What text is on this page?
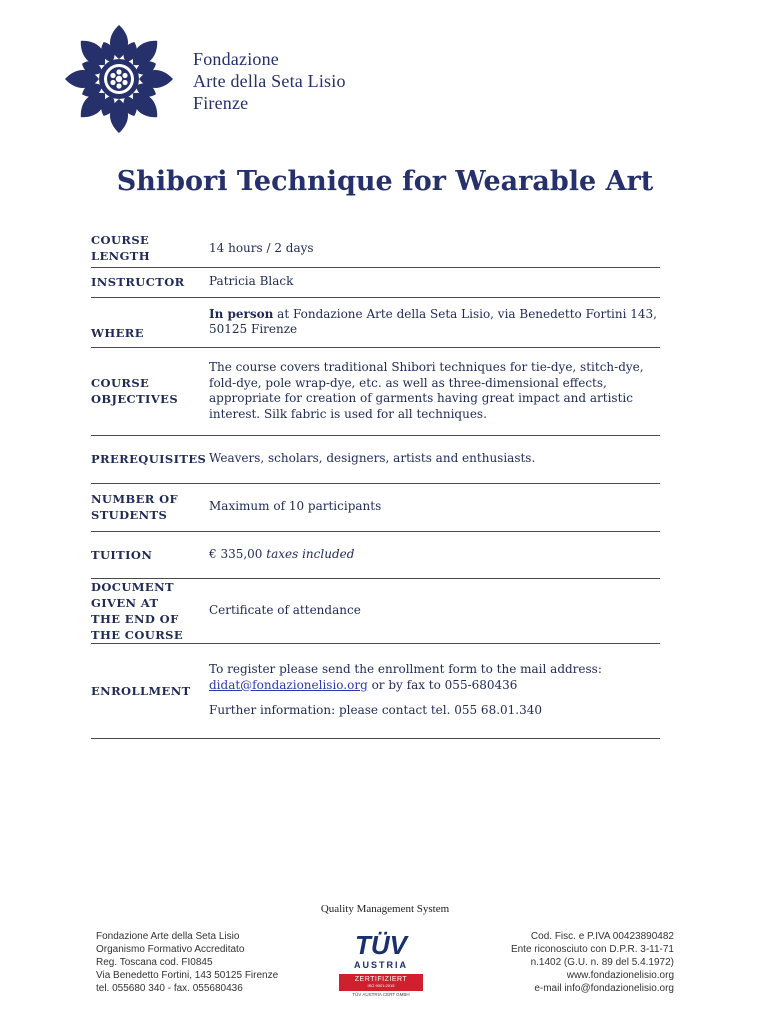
Fondazione
Arte della Seta Lisio
Firenze
Shibori Technique for Wearable Art
COURSE LENGTH	14 hours / 2 days
INSTRUCTOR	Patricia Black
WHERE	In person at Fondazione Arte della Seta Lisio, via Benedetto Fortini 143, 50125 Firenze
COURSE OBJECTIVES	The course covers traditional Shibori techniques for tie-dye, stitch-dye, fold-dye, pole wrap-dye, etc. as well as three-dimensional effects, appropriate for creation of garments having great impact and artistic interest. Silk fabric is used for all techniques.
PREREQUISITES	Weavers, scholars, designers, artists and enthusiasts.
NUMBER OF STUDENTS	Maximum of 10 participants
TUITION	€ 335,00 taxes included
DOCUMENT GIVEN AT THE END OF THE COURSE	Certificate of attendance
ENROLLMENT	To register please send the enrollment form to the mail address:
didat@fondazionelisio.org or by fax to 055-680436
Further information: please contact tel. 055 68.01.340
Quality Management System
Fondazione Arte della Seta Lisio
Organismo Formativo Accreditato
Reg. Toscana cod. FI0845
Via Benedetto Fortini, 143 50125 Firenze
tel. 055680 340 - fax. 055680436
TÜV
AUSTRIA
ZERTIFIZIERT
ISO 9001:2015
TÜV AUSTRIA CERT GMBH
Cod. Fisc. e P.IVA 00423890482
Ente riconosciuto con D.P.R. 3-11-71
n.1402 (G.U. n. 89 del 5.4.1972)
www.fondazionelisio.org
e-mail info@fondazionelisio.org
